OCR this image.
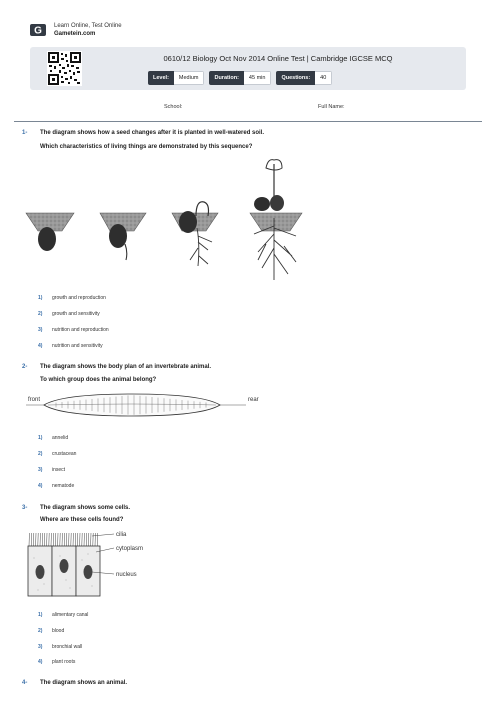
G Learn Online, Test Online
Gametein.com
0610/12 Biology Oct Nov 2014 Online Test | Cambridge IGCSE MCQ
Level:	Medium	Duration:	45 min	Questions:	40
School:	Full Name:
1- The diagram shows how a seed changes after it is planted in well-watered soil.
Which characteristics of living things are demonstrated by this sequence?
1)	growth and reproduction
2)	growth and sensitivity
3)	nutrition and reproduction
4)	nutrition and sensitivity
2- The diagram shows the body plan of an invertebrate animal.
To which group does the animal belong?
front	rear
1)	annelid
2)	crustacean
3)	insect
4)	nematode
3- The diagram shows some cells.
Where are these cells found?
cilia
cytoplasm
nucleus
1)	alimentary canal
2)	blood
3)	bronchial wall
4)	plant roots
4- The diagram shows an animal.
